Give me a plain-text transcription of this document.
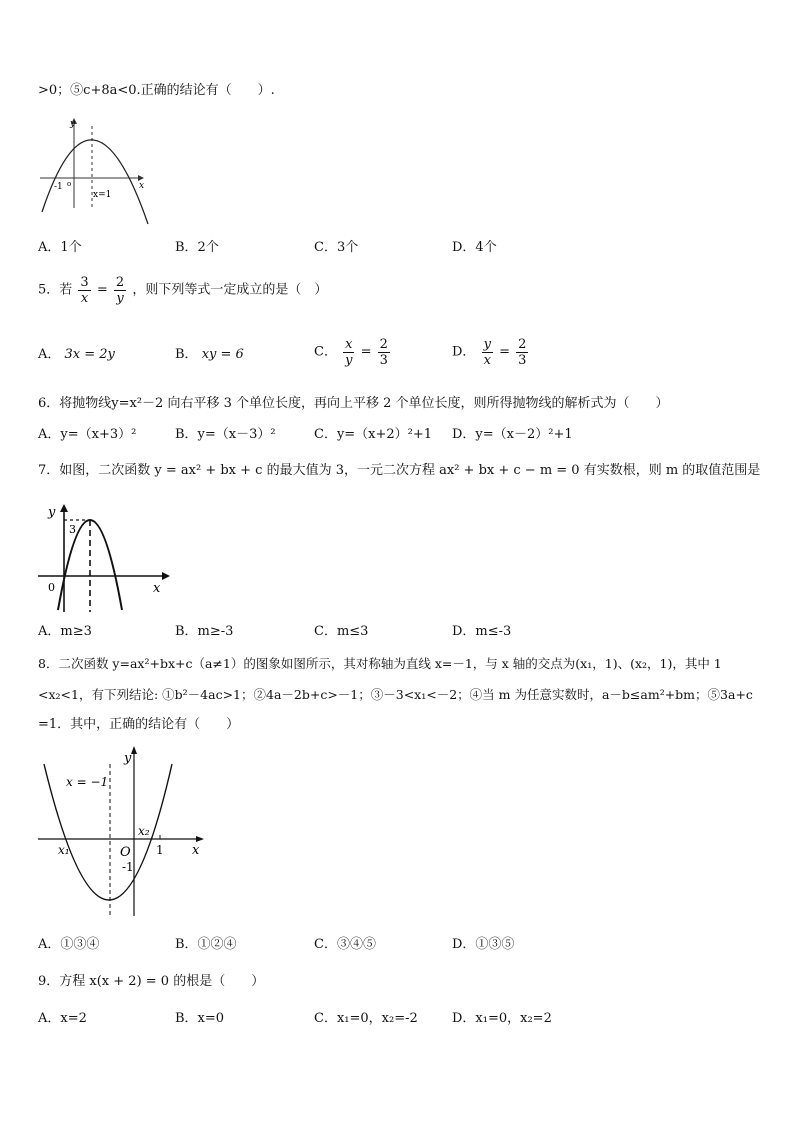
>0；⑤c+8a<0.正确的结论有（　　）.
y
x
-1 o
x=1
A．1个	B．2个	C．3个	D．4个
5．若 $\frac{3}{x} = \frac{2}{y}$ ，则下列等式一定成立的是（　）
A． 3x = 2y	B． xy = 6	C． $\frac{x}{y} = \frac{2}{3}$	D． $\frac{y}{x} = \frac{2}{3}$
6．将抛物线y=x²－2 向右平移 3 个单位长度，再向上平移 2 个单位长度，则所得抛物线的解析式为（　　）
A．y=（x+3）²	B．y=（x－3）²	C．y=（x+2）²+1 D．y=（x－2）²+1
7．如图，二次函数 y = ax² + bx + c 的最大值为 3，一元二次方程 ax² + bx + c − m = 0 有实数根，则 m 的取值范围是
y
x
3
0
A．m≥3	B．m≥-3	C．m≤3	D．m≤-3
8．二次函数 y=ax²+bx+c（a≠1）的图象如图所示，其对称轴为直线 x=－1，与 x 轴的交点为(x₁，1)、(x₂，1)，其中 1
<x₂<1，有下列结论: ①b²－4ac>1；②4a－2b+c>－1；③－3<x₁<－2；④当 m 为任意实数时，a－b≤am²+bm；⑤3a+c
=1．其中，正确的结论有（　　）
y
x
x = −1
x₁
x₂
O 1
-1
A．①③④	B．①②④	C．③④⑤	D．①③⑤
9．方程 x(x + 2) = 0 的根是（　　）
A．x=2	B．x=0	C．x₁=0，x₂=-2	D．x₁=0，x₂=2
